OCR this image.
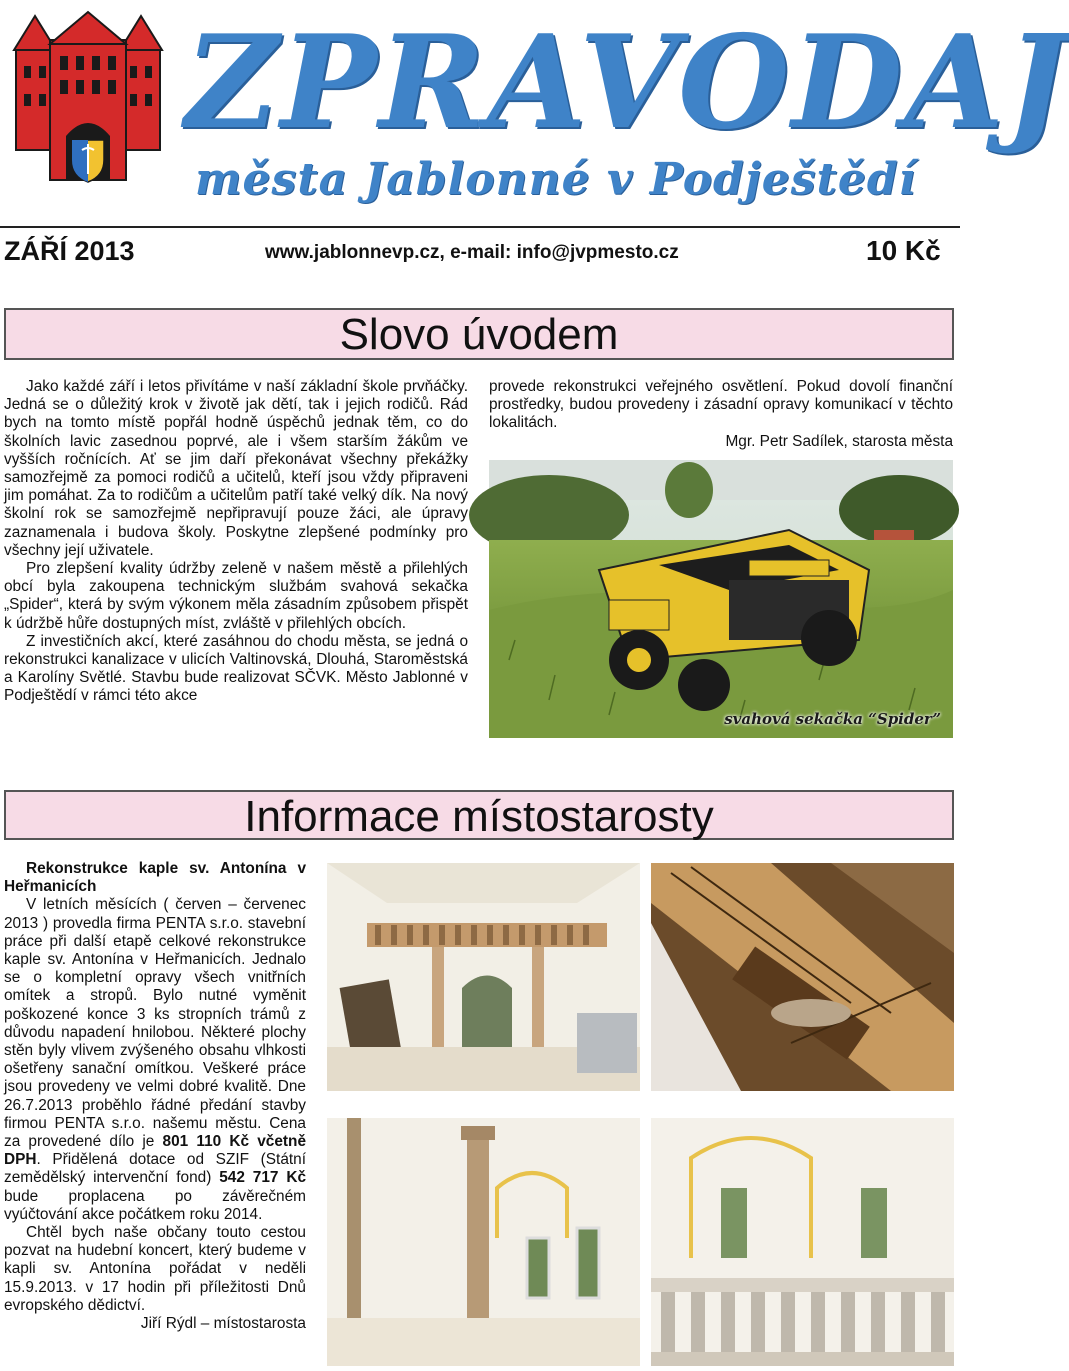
ZPRAVODAJ
města Jablonné v Podještědí
ZÁŘÍ 2013	www.jablonnevp.cz, e-mail: info@jvpmesto.cz	10 Kč
Slovo úvodem

Jako každé září i letos přivítáme v naší základní škole prvňáčky. Jedná se o důležitý krok v životě jak dětí, tak i jejich rodičů. Rád bych na tomto místě popřál hodně úspěchů jednak těm, co do školních lavic zasednou poprvé, ale i všem starším žákům ve vyšších ročnících. Ať se jim daří překonávat všechny překážky samozřejmě za pomoci rodičů a učitelů, kteří jsou vždy připraveni jim pomáhat. Za to rodičům a učitelům patří také velký dík. Na nový školní rok se samozřejmě nepřipravují pouze žáci, ale úpravy zaznamenala i budova školy. Poskytne zlepšené podmínky pro všechny její uživatele.

Pro zlepšení kvality údržby zeleně v našem městě a přilehlých obcí byla zakoupena technickým službám svahová sekačka „Spider“, která by svým výkonem měla zásadním způsobem přispět k údržbě hůře dostupných míst, zvláště v přilehlých obcích.

Z investičních akcí, které zasáhnou do chodu města, se jedná o rekonstrukci kanalizace v ulicích Valtinovská, Dlouhá, Staroměstská a Karolíny Světlé. Stavbu bude realizovat SČVK. Město Jablonné v Podještědí v rámci této akce

provede rekonstrukci veřejného osvětlení. Pokud dovolí finanční prostředky, budou provedeny i zásadní opravy komunikací v těchto lokalitách.

Mgr. Petr Sadílek, starosta města

svahová sekačka “Spider”
Informace místostarosty

Rekonstrukce kaple sv. Antonína v Heřmanicích

V letních měsících ( červen – červenec 2013 ) provedla firma PENTA s.r.o. stavební práce při další etapě celkové rekonstrukce kaple sv. Antonína v Heřmanicích. Jednalo se o kompletní opravy všech vnitřních omítek a stropů. Bylo nutné vyměnit poškozené konce 3 ks stropních trámů z důvodu napadení hnilobou. Některé plochy stěn byly vlivem zvýšeného obsahu vlhkosti ošetřeny sanační omítkou. Veškeré práce jsou provedeny ve velmi dobré kvalitě. Dne 26.7.2013 proběhlo řádné předání stavby firmou PENTA s.r.o. našemu městu. Cena za provedené dílo je 801 110 Kč včetně DPH. Přidělená dotace od SZIF (Státní zemědělský intervenční fond) 542 717 Kč bude proplacena po závěrečném vyúčtování akce počátkem roku 2014.

Chtěl bych naše občany touto cestou pozvat na hudební koncert, který budeme v kapli sv. Antonína pořádat v neděli 15.9.2013. v 17 hodin při příležitosti Dnů evropského dědictví.

Jiří Rýdl – místostarosta
